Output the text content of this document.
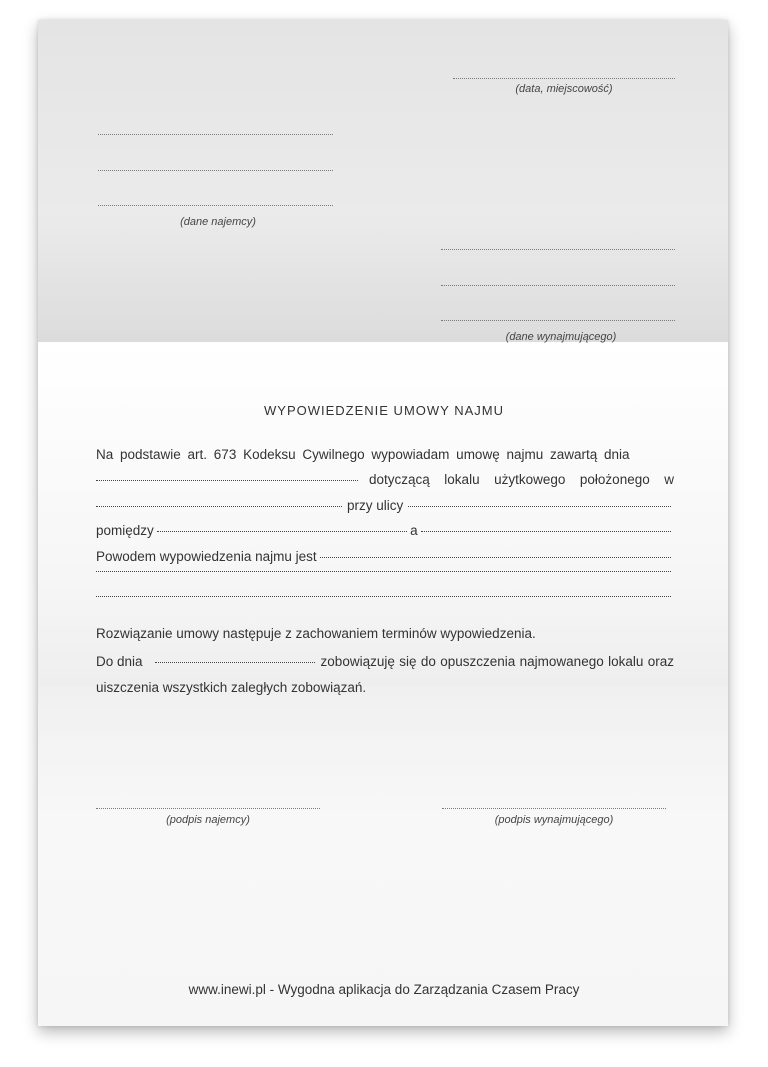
(data, miejscowość)
(dane najemcy)
(dane wynajmującego)
WYPOWIEDZENIE UMOWY NAJMU
Na podstawie art. 673 Kodeksu Cywilnego wypowiadam umowę najmu zawartą dnia
dotyczącą lokalu użytkowego położonego w
przy ulicy
pomiędzy	a
Powodem wypowiedzenia najmu jest
Rozwiązanie umowy następuje z zachowaniem terminów wypowiedzenia.
Do dnia	zobowiązuję się do opuszczenia najmowanego lokalu oraz
uiszczenia wszystkich zaległych zobowiązań.
(podpis najemcy)	(podpis wynajmującego)
www.inewi.pl - Wygodna aplikacja do Zarządzania Czasem Pracy
